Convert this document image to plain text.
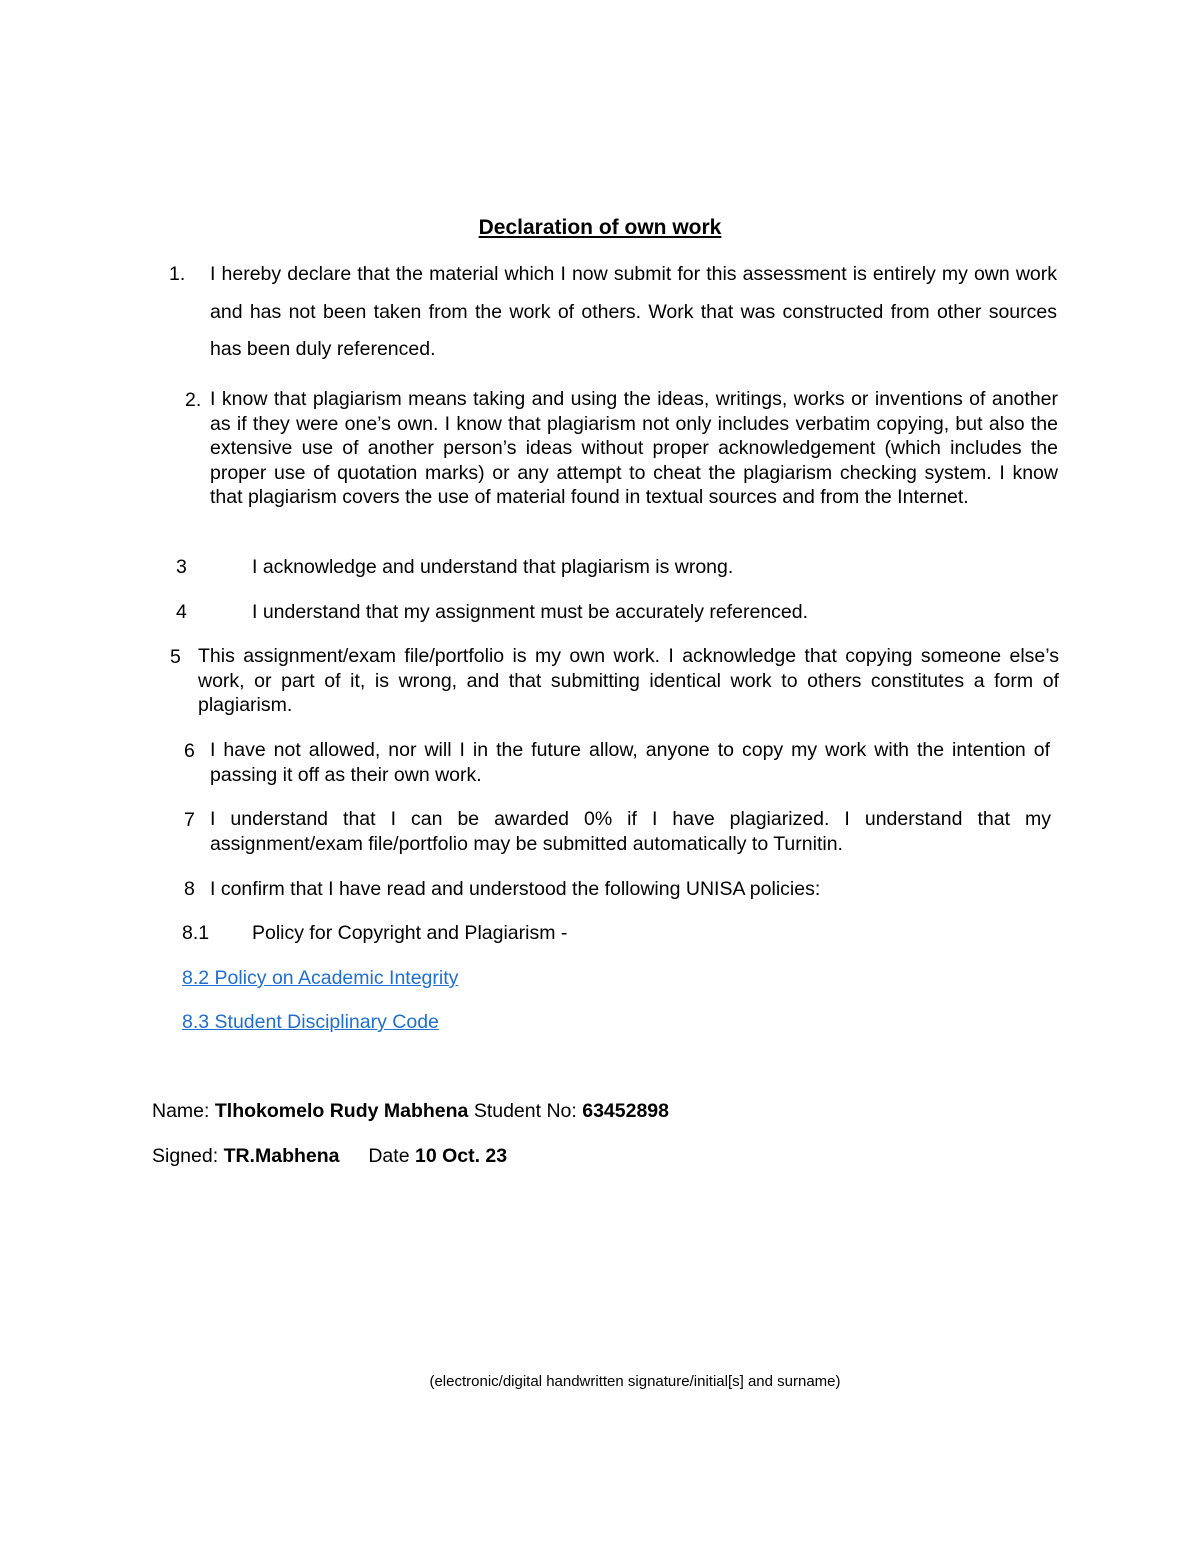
Declaration of own work
1. I hereby declare that the material which I now submit for this assessment is entirely my own work and has not been taken from the work of others. Work that was constructed from other sources has been duly referenced.
2. I know that plagiarism means taking and using the ideas, writings, works or inventions of another as if they were one’s own. I know that plagiarism not only includes verbatim copying, but also the extensive use of another person’s ideas without proper acknowledgement (which includes the proper use of quotation marks) or any attempt to cheat the plagiarism checking system. I know that plagiarism covers the use of material found in textual sources and from the Internet.
3	I acknowledge and understand that plagiarism is wrong.
4	I understand that my assignment must be accurately referenced.
5 This assignment/exam file/portfolio is my own work. I acknowledge that copying someone else’s work, or part of it, is wrong, and that submitting identical work to others constitutes a form of plagiarism.
6 I have not allowed, nor will I in the future allow, anyone to copy my work with the intention of passing it off as their own work.
7 I understand that I can be awarded 0% if I have plagiarized. I understand that my assignment/exam file/portfolio may be submitted automatically to Turnitin.
8 I confirm that I have read and understood the following UNISA policies:
8.1 Policy for Copyright and Plagiarism -
8.2 Policy on Academic Integrity
8.3 Student Disciplinary Code
Name: Tlhokomelo Rudy Mabhena Student No: 63452898
Signed: TR.Mabhena Date 10 Oct. 23
(electronic/digital handwritten signature/initial[s] and surname)
